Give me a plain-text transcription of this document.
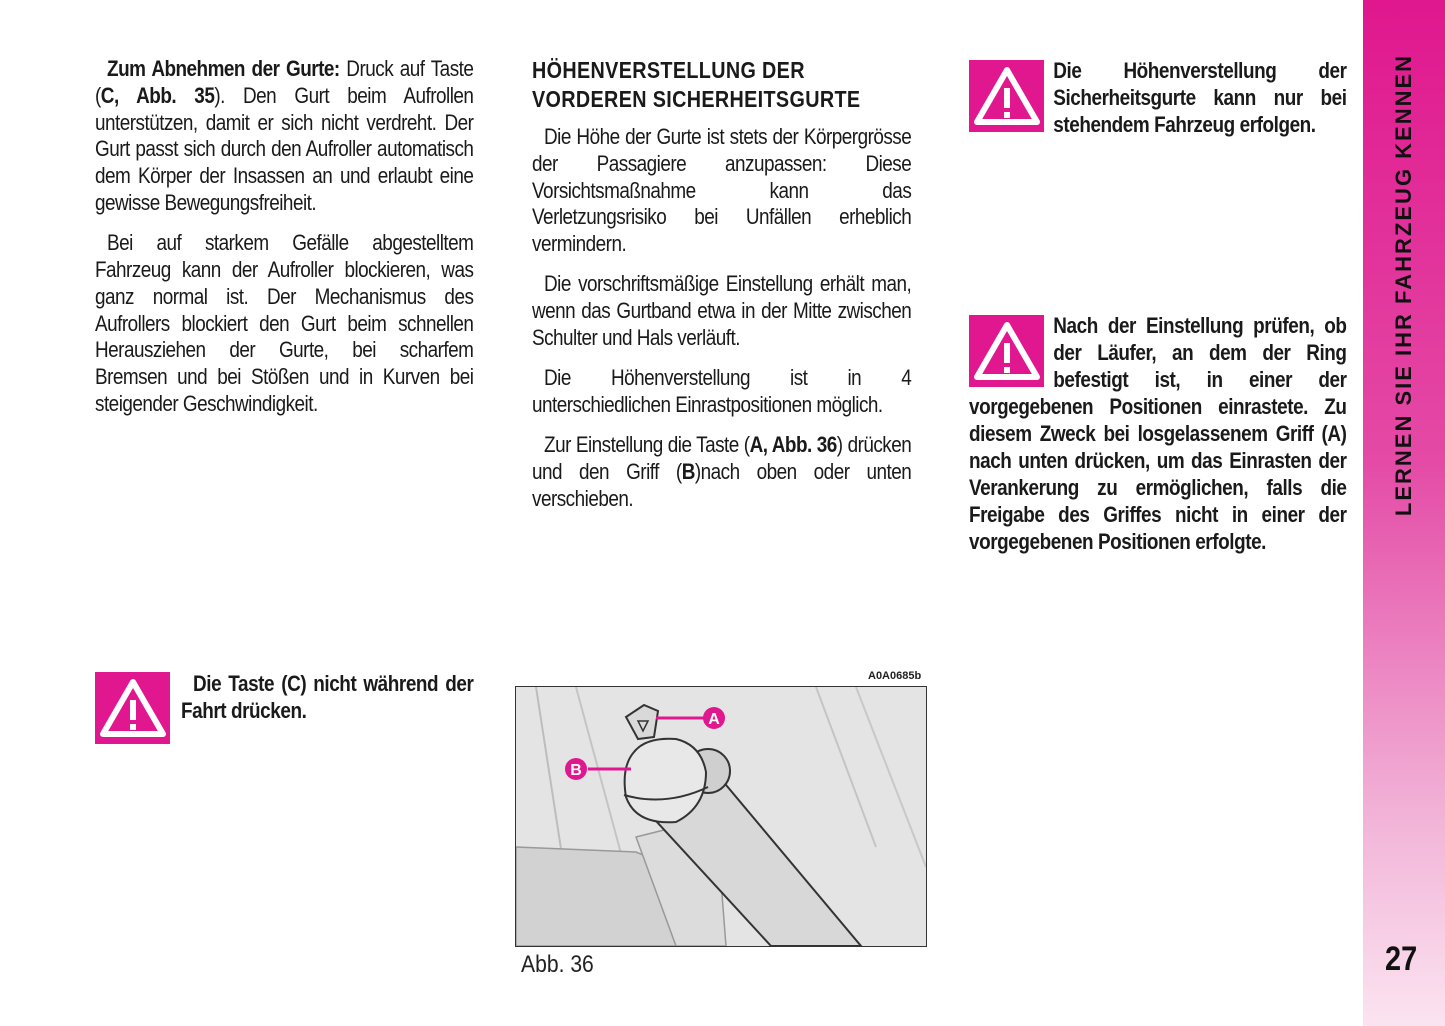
Zum Abnehmen der Gurte: Druck auf Taste (C, Abb. 35). Den Gurt beim Aufrollen unterstützen, damit er sich nicht verdreht. Der Gurt passt sich durch den Aufroller automatisch dem Körper der Insassen an und erlaubt eine gewisse Bewegungsfreiheit.

Bei auf starkem Gefälle abgestelltem Fahrzeug kann der Aufroller blockieren, was ganz normal ist. Der Mechanismus des Aufrollers blockiert den Gurt beim schnellen Herausziehen der Gurte, bei scharfem Bremsen und bei Stößen und in Kurven bei steigender Geschwindigkeit.

Die Taste (C) nicht während der Fahrt drücken.
HÖHENVERSTELLUNG DER
VORDEREN SICHERHEITSGURTE

Die Höhe der Gurte ist stets der Körpergrösse der Passagiere anzupassen: Diese Vorsichtsmaßnahme kann das Verletzungsrisiko bei Unfällen erheblich vermindern.

Die vorschriftsmäßige Einstellung erhält man, wenn das Gurtband etwa in der Mitte zwischen Schulter und Hals verläuft.

Die Höhenverstellung ist in 4 unterschiedlichen Einrastpositionen möglich.

Zur Einstellung die Taste (A, Abb. 36) drücken und den Griff (B)nach oben oder unten verschieben.

A0A0685b
A
B
Abb. 36
Die Höhenverstellung der Sicherheitsgurte kann nur bei stehendem Fahrzeug erfolgen.
Nach der Einstellung prüfen, ob der Läufer, an dem der Ring befestigt ist, in einer der vorgegebenen Positionen einrastete. Zu diesem Zweck bei losgelassenem Griff (A) nach unten drücken, um das Einrasten der Verankerung zu ermöglichen, falls die Freigabe des Griffes nicht in einer der vorgegebenen Positionen erfolgte.
LERNEN SIE IHR FAHRZEUG KENNEN
27
